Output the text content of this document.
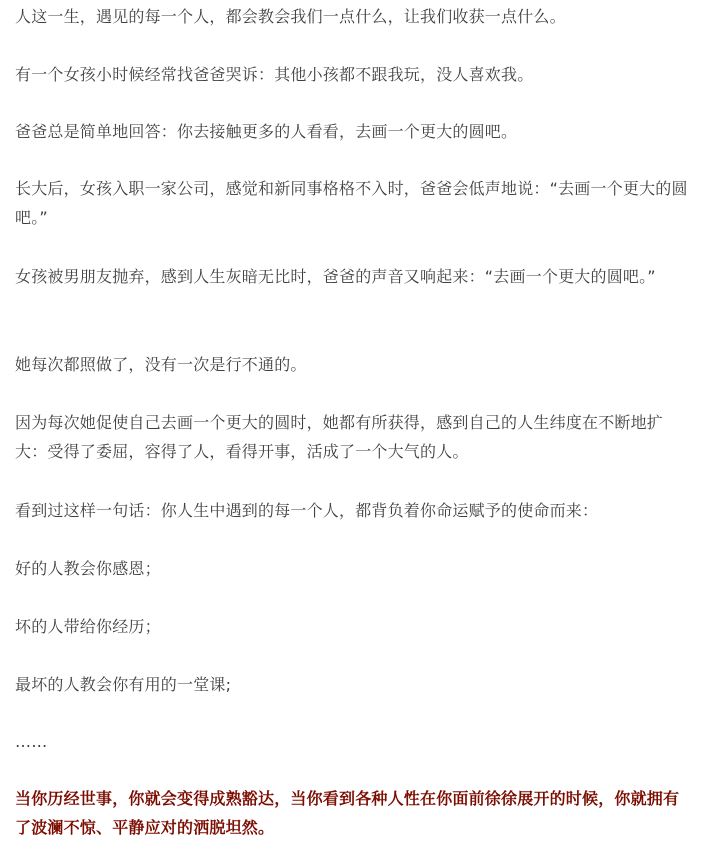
人这一生，遇见的每一个人，都会教会我们一点什么，让我们收获一点什么。

有一个女孩小时候经常找爸爸哭诉：其他小孩都不跟我玩，没人喜欢我。

爸爸总是简单地回答：你去接触更多的人看看，去画一个更大的圆吧。

长大后，女孩入职一家公司，感觉和新同事格格不入时，爸爸会低声地说：“去画一个更大的圆吧。”

女孩被男朋友抛弃，感到人生灰暗无比时，爸爸的声音又响起来：“去画一个更大的圆吧。”

她每次都照做了，没有一次是行不通的。

因为每次她促使自己去画一个更大的圆时，她都有所获得，感到自己的人生纬度在不断地扩大：受得了委屈，容得了人，看得开事，活成了一个大气的人。

看到过这样一句话：你人生中遇到的每一个人，都背负着你命运赋予的使命而来：

好的人教会你感恩；

坏的人带给你经历；

最坏的人教会你有用的一堂课;

……

当你历经世事，你就会变得成熟豁达，当你看到各种人性在你面前徐徐展开的时候，你就拥有了波澜不惊、平静应对的洒脱坦然。
